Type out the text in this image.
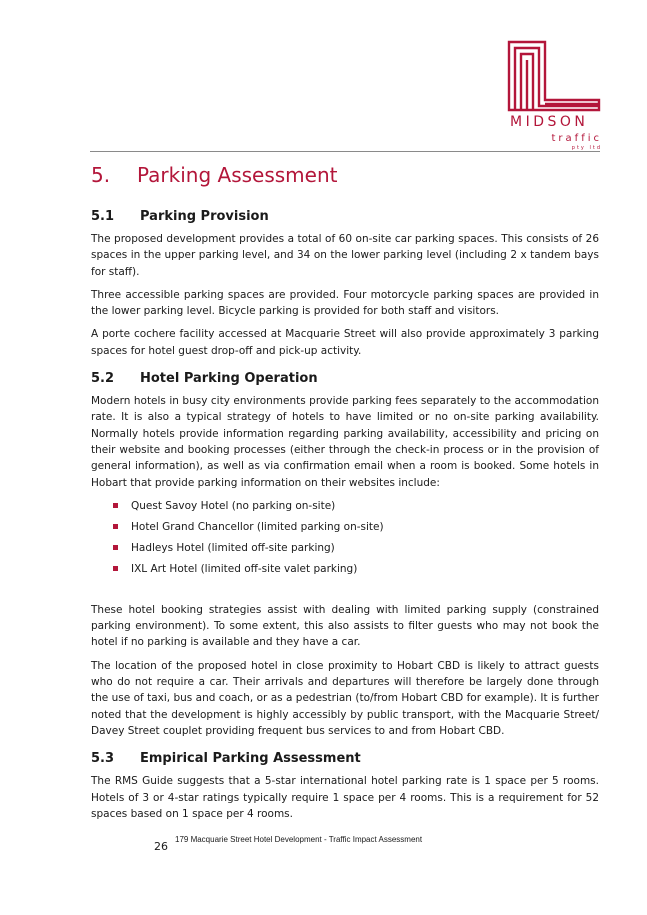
MIDSON
traffic
pty ltd
5.	Parking Assessment
5.1	Parking Provision

The proposed development provides a total of 60 on-site car parking spaces. This consists of 26 spaces in the upper parking level, and 34 on the lower parking level (including 2 x tandem bays for staff).

Three accessible parking spaces are provided. Four motorcycle parking spaces are provided in the lower parking level. Bicycle parking is provided for both staff and visitors.

A porte cochere facility accessed at Macquarie Street will also provide approximately 3 parking spaces for hotel guest drop-off and pick-up activity.

5.2	Hotel Parking Operation

Modern hotels in busy city environments provide parking fees separately to the accommodation rate. It is also a typical strategy of hotels to have limited or no on-site parking availability. Normally hotels provide information regarding parking availability, accessibility and pricing on their website and booking processes (either through the check-in process or in the provision of general information), as well as via confirmation email when a room is booked. Some hotels in Hobart that provide parking information on their websites include:

Quest Savoy Hotel (no parking on-site)
Hotel Grand Chancellor (limited parking on-site)
Hadleys Hotel (limited off-site parking)
IXL Art Hotel (limited off-site valet parking)

These hotel booking strategies assist with dealing with limited parking supply (constrained parking environment). To some extent, this also assists to filter guests who may not book the hotel if no parking is available and they have a car.

The location of the proposed hotel in close proximity to Hobart CBD is likely to attract guests who do not require a car. Their arrivals and departures will therefore be largely done through the use of taxi, bus and coach, or as a pedestrian (to/from Hobart CBD for example). It is further noted that the development is highly accessibly by public transport, with the Macquarie Street/ Davey Street couplet providing frequent bus services to and from Hobart CBD.

5.3	Empirical Parking Assessment

The RMS Guide suggests that a 5-star international hotel parking rate is 1 space per 5 rooms. Hotels of 3 or 4-star ratings typically require 1 space per 4 rooms. This is a requirement for 52 spaces based on 1 space per 4 rooms.

26
179 Macquarie Street Hotel Development - Traffic Impact Assessment
